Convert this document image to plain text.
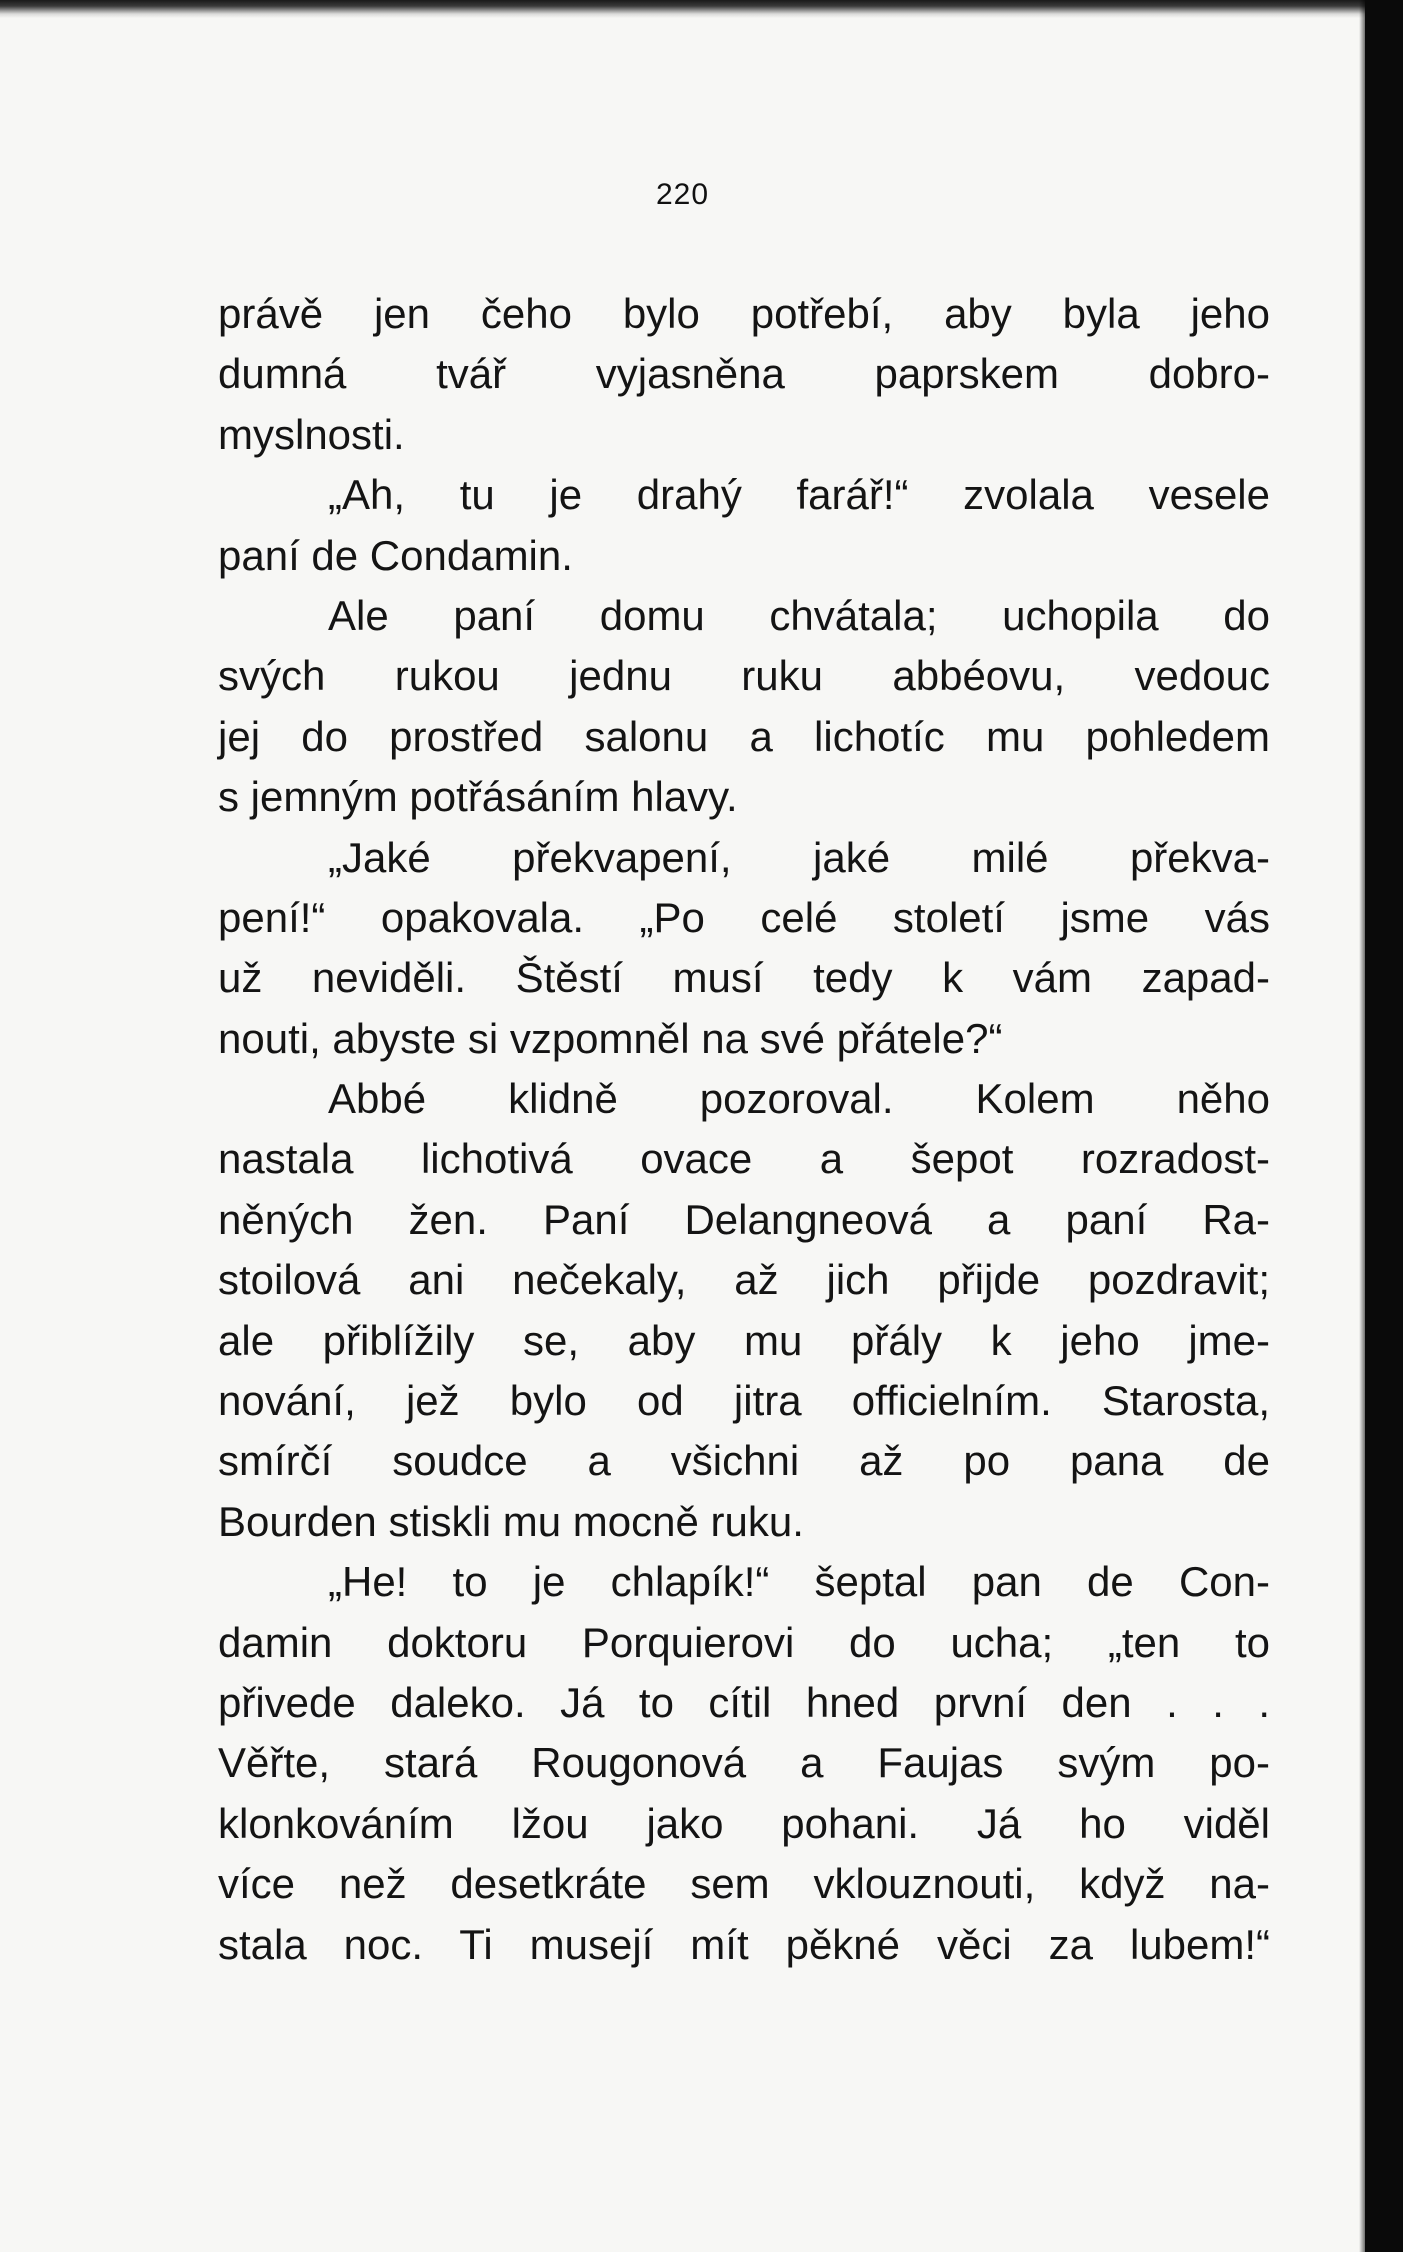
220
právě jen čeho bylo potřebí, aby byla jeho
dumná tvář vyjasněna paprskem dobro-
myslnosti.
„Ah, tu je drahý farář!“ zvolala vesele
paní de Condamin.
Ale paní domu chvátala; uchopila do
svých rukou jednu ruku abbéovu, vedouc
jej do prostřed salonu a lichotíc mu pohledem
s jemným potřásáním hlavy.
„Jaké překvapení, jaké milé překva-
pení!“ opakovala. „Po celé století jsme vás
už neviděli. Štěstí musí tedy k vám zapad-
nouti, abyste si vzpomněl na své přátele?“
Abbé klidně pozoroval. Kolem něho
nastala lichotivá ovace a šepot rozradost-
něných žen. Paní Delangneová a paní Ra-
stoilová ani nečekaly, až jich přijde pozdravit;
ale přiblížily se, aby mu přály k jeho jme-
nování, jež bylo od jitra officielním. Starosta,
smírčí soudce a všichni až po pana de
Bourden stiskli mu mocně ruku.
„He! to je chlapík!“ šeptal pan de Con-
damin doktoru Porquierovi do ucha; „ten to
přivede daleko. Já to cítil hned první den . . .
Věřte, stará Rougonová a Faujas svým po-
klonkováním lžou jako pohani. Já ho viděl
více než desetkráte sem vklouznouti, když na-
stala noc. Ti musejí mít pěkné věci za lubem!“
